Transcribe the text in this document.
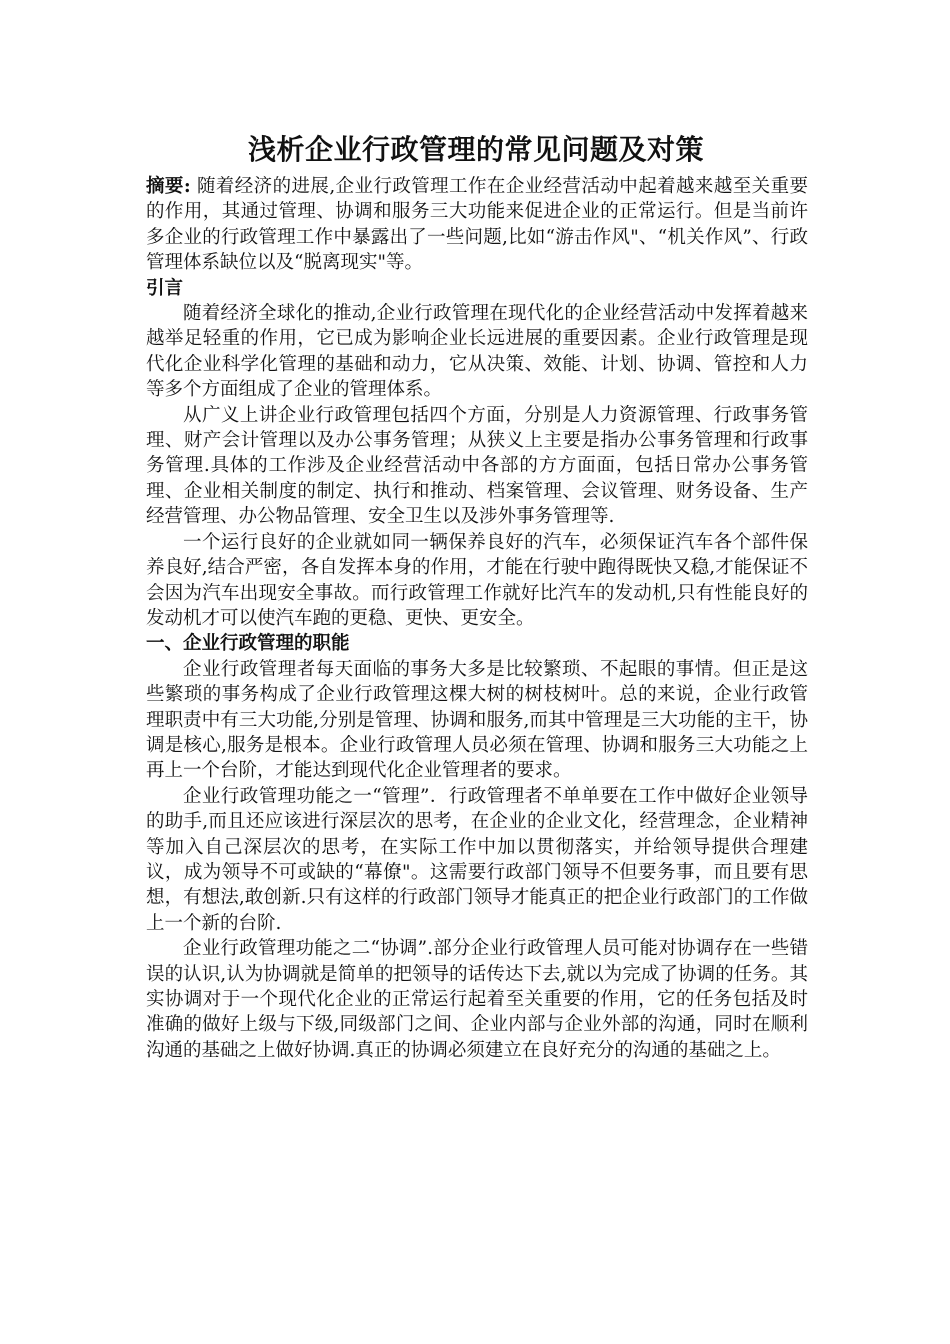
浅析企业行政管理的常见问题及对策

摘要: 随着经济的进展,企业行政管理工作在企业经营活动中起着越来越至关重要的作用，其通过管理、协调和服务三大功能来促进企业的正常运行。但是当前许多企业的行政管理工作中暴露出了一些问题,比如“游击作风"、“机关作风”、行政管理体系缺位以及“脱离现实"等。

引言

随着经济全球化的推动,企业行政管理在现代化的企业经营活动中发挥着越来越举足轻重的作用，它已成为影响企业长远进展的重要因素。企业行政管理是现代化企业科学化管理的基础和动力，它从决策、效能、计划、协调、管控和人力等多个方面组成了企业的管理体系。

从广义上讲企业行政管理包括四个方面，分别是人力资源管理、行政事务管理、财产会计管理以及办公事务管理；从狭义上主要是指办公事务管理和行政事务管理.具体的工作涉及企业经营活动中各部的方方面面，包括日常办公事务管理、企业相关制度的制定、执行和推动、档案管理、会议管理、财务设备、生产经营管理、办公物品管理、安全卫生以及涉外事务管理等.

一个运行良好的企业就如同一辆保养良好的汽车，必须保证汽车各个部件保养良好,结合严密，各自发挥本身的作用，才能在行驶中跑得既快又稳,才能保证不会因为汽车出现安全事故。而行政管理工作就好比汽车的发动机,只有性能良好的发动机才可以使汽车跑的更稳、更快、更安全。

一、企业行政管理的职能

企业行政管理者每天面临的事务大多是比较繁琐、不起眼的事情。但正是这些繁琐的事务构成了企业行政管理这棵大树的树枝树叶。总的来说，企业行政管理职责中有三大功能,分别是管理、协调和服务,而其中管理是三大功能的主干，协调是核心,服务是根本。企业行政管理人员必须在管理、协调和服务三大功能之上再上一个台阶，才能达到现代化企业管理者的要求。

企业行政管理功能之一“管理”．行政管理者不单单要在工作中做好企业领导的助手,而且还应该进行深层次的思考，在企业的企业文化，经营理念，企业精神等加入自己深层次的思考，在实际工作中加以贯彻落实，并给领导提供合理建议，成为领导不可或缺的“幕僚"。这需要行政部门领导不但要务事，而且要有思想，有想法,敢创新.只有这样的行政部门领导才能真正的把企业行政部门的工作做上一个新的台阶.

企业行政管理功能之二“协调”.部分企业行政管理人员可能对协调存在一些错误的认识,认为协调就是简单的把领导的话传达下去,就以为完成了协调的任务。其实协调对于一个现代化企业的正常运行起着至关重要的作用，它的任务包括及时准确的做好上级与下级,同级部门之间、企业内部与企业外部的沟通，同时在顺利沟通的基础之上做好协调.真正的协调必须建立在良好充分的沟通的基础之上。
